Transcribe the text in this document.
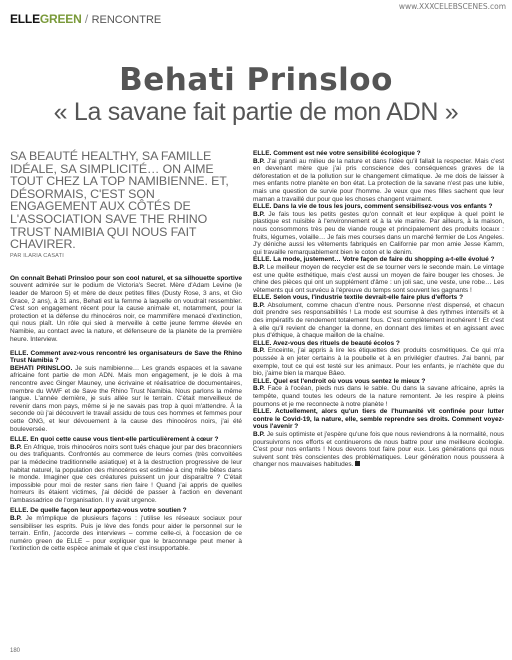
www.XXXCELEBSCENES.com
ELLEGREEN / RENCONTRE
Behati Prinsloo
« La savane fait partie de mon ADN »
SA BEAUTÉ HEALTHY, SA FAMILLE IDÉALE, SA SIMPLICITÉ… ON AIME TOUT CHEZ LA TOP NAMIBIENNE. ET, DÉSORMAIS, C'EST SON ENGAGEMENT AUX CÔTÉS DE L'ASSOCIATION SAVE THE RHINO TRUST NAMIBIA QUI NOUS FAIT CHAVIRER.
PAR ILARIA CASATI

On connaît Behati Prinsloo pour son cool naturel, et sa silhouette sportive souvent admirée sur le podium de Victoria's Secret. Mère d'Adam Levine (le leader de Maroon 5) et mère de deux petites filles (Dusty Rose, 3 ans, et Gio Grace, 2 ans), à 31 ans, Behati est la femme à laquelle on voudrait ressembler. C'est son engagement récent pour la cause animale et, notamment, pour la protection et la défense du rhinocéros noir, ce mammifère menacé d'extinction, qui nous plaît. Un rôle qui sied à merveille à cette jeune femme élevée en Namibie, au contact avec la nature, et défenseure de la planète de la première heure. Interview.

ELLE. Comment avez-vous rencontré les organisateurs de Save the Rhino Trust Namibia ?

BEHATI PRINSLOO. Je suis namibienne… Les grands espaces et la savane africaine font partie de mon ADN. Mais mon engagement, je le dois à ma rencontre avec Ginger Mauney, une écrivaine et réalisatrice de documentaires, membre du WWF et de Save the Rhino Trust Namibia. Nous parlons la même langue. L'année dernière, je suis allée sur le terrain. C'était merveilleux de revenir dans mon pays, même si je ne savais pas trop à quoi m'attendre. À la seconde où j'ai découvert le travail assidu de tous ces hommes et femmes pour cette ONG, et leur dévouement à la cause des rhinocéros noirs, j'ai été bouleversée.

ELLE. En quoi cette cause vous tient-elle particulièrement à cœur ?

B.P. En Afrique, trois rhinocéros noirs sont tués chaque jour par des braconniers ou des trafiquants. Confrontés au commerce de leurs cornes (très convoitées par la médecine traditionnelle asiatique) et à la destruction progressive de leur habitat naturel, la population des rhinocéros est estimée à cinq mille bêtes dans le monde. Imaginer que ces créatures puissent un jour disparaître ? C'était impossible pour moi de rester sans rien faire ! Quand j'ai appris de quelles horreurs ils étaient victimes, j'ai décidé de passer à l'action en devenant l'ambassadrice de l'organisation. Il y avait urgence.

ELLE. De quelle façon leur apportez-vous votre soutien ?

B.P. Je m'implique de plusieurs façons : j'utilise les réseaux sociaux pour sensibiliser les esprits. Puis je lève des fonds pour aider le personnel sur le terrain. Enfin, j'accorde des interviews – comme celle-ci, à l'occasion de ce numéro green de ELLE – pour expliquer que le braconnage peut mener à l'extinction de cette espèce animale et que c'est insupportable.

ELLE. Comment est née votre sensibilité écologique ?

B.P. J'ai grandi au milieu de la nature et dans l'idée qu'il fallait la respecter. Mais c'est en devenant mère que j'ai pris conscience des conséquences graves de la déforestation et de la pollution sur le changement climatique. Je me dois de laisser à mes enfants notre planète en bon état. La protection de la savane n'est pas une lubie, mais une question de survie pour l'homme. Je veux que mes filles sachent que leur maman a travaillé dur pour que les choses changent vraiment.

ELLE. Dans la vie de tous les jours, comment sensibilisez-vous vos enfants ?

B.P. Je fais tous les petits gestes qu'on connaît et leur explique à quel point le plastique est nuisible à l'environnement et à la vie marine. Par ailleurs, à la maison, nous consommons très peu de viande rouge et principalement des produits locaux : fruits, légumes, volaille… Je fais mes courses dans un marché fermier de Los Angeles. J'y déniche aussi les vêtements fabriqués en Californie par mon amie Jesse Kamm, qui travaille remarquablement bien le coton et le denim.

ELLE. La mode, justement… Votre façon de faire du shopping a-t-elle évolué ?

B.P. Le meilleur moyen de recycler est de se tourner vers le seconde main. Le vintage est une quête esthétique, mais c'est aussi un moyen de faire bouger les choses. Je chine des pièces qui ont un supplément d'âme : un joli sac, une veste, une robe… Les vêtements qui ont survécu à l'épreuve du temps sont souvent les gagnants !

ELLE. Selon vous, l'industrie textile devrait-elle faire plus d'efforts ?

B.P. Absolument, comme chacun d'entre nous. Personne n'est dispensé, et chacun doit prendre ses responsabilités ! La mode est soumise à des rythmes intensifs et à des impératifs de rendement totalement fous. C'est complètement incohérent ! Et c'est à elle qu'il revient de changer la donne, en donnant des limites et en agissant avec plus d'éthique, à chaque maillon de la chaîne.

ELLE. Avez-vous des rituels de beauté écolos ?

B.P. Enceinte, j'ai appris à lire les étiquettes des produits cosmétiques. Ce qui m'a poussée à en jeter certains à la poubelle et à en privilégier d'autres. J'ai banni, par exemple, tout ce qui est testé sur les animaux. Pour les enfants, je n'achète que du bio, j'aime bien la marque Bâeo.

ELLE. Quel est l'endroit où vous vous sentez le mieux ?

B.P. Face à l'océan, pieds nus dans le sable. Ou dans la savane africaine, après la tempête, quand toutes les odeurs de la nature remontent. Je les respire à pleins poumons et je me reconnecte à notre planète !

ELLE. Actuellement, alors qu'un tiers de l'humanité vit confinée pour lutter contre le Covid-19, la nature, elle, semble reprendre ses droits. Comment voyez-vous l'avenir ?

B.P. Je suis optimiste et j'espère qu'une fois que nous reviendrons à la normalité, nous poursuivrons nos efforts et continuerons de nous battre pour une meilleure écologie. C'est pour nos enfants ! Nous devons tout faire pour eux. Les générations qui nous suivent sont très conscientes des problématiques. Leur génération nous poussera à changer nos mauvaises habitudes.

180
